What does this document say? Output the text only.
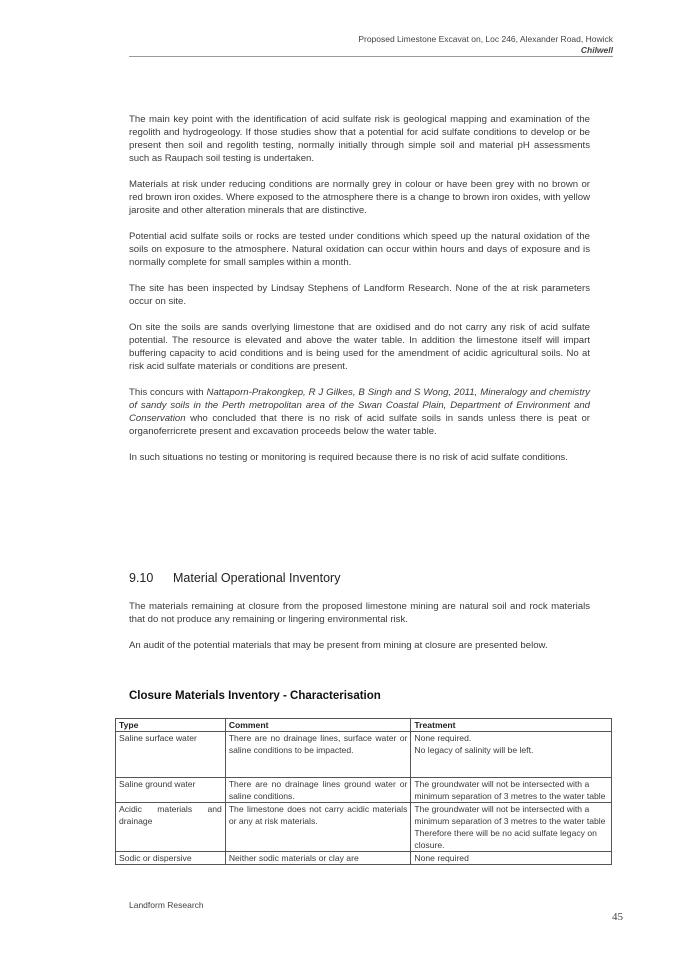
Proposed Limestone Excavat on, Loc 246, Alexander Road, Howick
Chilwell

The main key point with the identification of acid sulfate risk is geological mapping and examination of the regolith and hydrogeology. If those studies show that a potential for acid sulfate conditions to develop or be present then soil and regolith testing, normally initially through simple soil and material pH assessments such as Raupach soil testing is undertaken.

Materials at risk under reducing conditions are normally grey in colour or have been grey with no brown or red brown iron oxides. Where exposed to the atmosphere there is a change to brown iron oxides, with yellow jarosite and other alteration minerals that are distinctive.

Potential acid sulfate soils or rocks are tested under conditions which speed up the natural oxidation of the soils on exposure to the atmosphere. Natural oxidation can occur within hours and days of exposure and is normally complete for small samples within a month.

The site has been inspected by Lindsay Stephens of Landform Research. None of the at risk parameters occur on site.

On site the soils are sands overlying limestone that are oxidised and do not carry any risk of acid sulfate potential. The resource is elevated and above the water table. In addition the limestone itself will impart buffering capacity to acid conditions and is being used for the amendment of acidic agricultural soils. No at risk acid sulfate materials or conditions are present.

This concurs with Nattaporn-Prakongkep, R J Gilkes, B Singh and S Wong, 2011, Mineralogy and chemistry of sandy soils in the Perth metropolitan area of the Swan Coastal Plain, Department of Environment and Conservation who concluded that there is no risk of acid sulfate soils in sands unless there is peat or organoferricrete present and excavation proceeds below the water table.

In such situations no testing or monitoring is required because there is no risk of acid sulfate conditions.

9.10 Material Operational Inventory

The materials remaining at closure from the proposed limestone mining are natural soil and rock materials that do not produce any remaining or lingering environmental risk.

An audit of the potential materials that may be present from mining at closure are presented below.

Closure Materials Inventory - Characterisation
Type	Comment	Treatment
Saline surface water	There are no drainage lines, surface water or saline conditions to be impacted.	None required.
No legacy of salinity will be left.

Saline ground water	There are no drainage lines ground water or saline conditions.	The groundwater will not be intersected with a minimum separation of 3 metres to the water table

Acidic materials and drainage	The limestone does not carry acidic materials or any at risk materials.	The groundwater will not be intersected with a minimum separation of 3 metres to the water table
Therefore there will be no acid sulfate legacy on closure.

Sodic or dispersive	Neither sodic materials or clay are	None required
Landform Research
45
